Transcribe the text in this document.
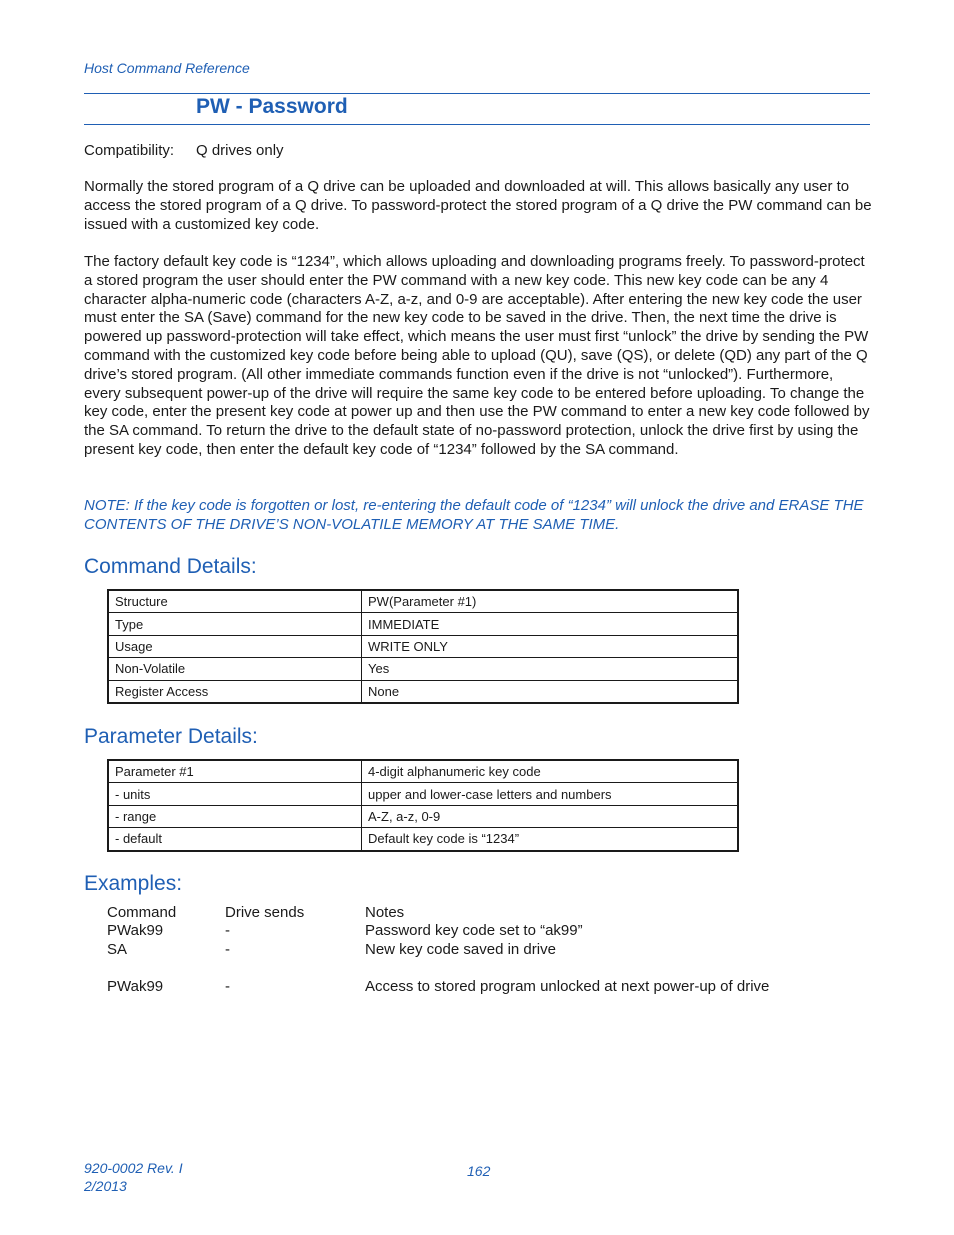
Host Command Reference
PW - Password
Compatibility: Q drives only
Normally the stored program of a Q drive can be uploaded and downloaded at will. This allows basically any user to access the stored program of a Q drive. To password-protect the stored program of a Q drive the PW command can be issued with a customized key code.
The factory default key code is “1234”, which allows uploading and downloading programs freely. To password-protect a stored program the user should enter the PW command with a new key code. This new key code can be any 4 character alpha-numeric code (characters A-Z, a-z, and 0-9 are acceptable). After entering the new key code the user must enter the SA (Save) command for the new key code to be saved in the drive. Then, the next time the drive is powered up password-protection will take effect, which means the user must first “unlock” the drive by sending the PW command with the customized key code before being able to upload (QU), save (QS), or delete (QD) any part of the Q drive’s stored program. (All other immediate commands function even if the drive is not “unlocked”). Furthermore, every subsequent power-up of the drive will require the same key code to be entered before uploading. To change the key code, enter the present key code at power up and then use the PW command to enter a new key code followed by the SA command. To return the drive to the default state of no-password protection, unlock the drive first by using the present key code, then enter the default key code of “1234” followed by the SA command.
NOTE: If the key code is forgotten or lost, re-entering the default code of “1234” will unlock the drive and ERASE THE CONTENTS OF THE DRIVE’S NON-VOLATILE MEMORY AT THE SAME TIME.
Command Details:
Structure	PW(Parameter #1)
Type	IMMEDIATE
Usage	WRITE ONLY
Non-Volatile	Yes
Register Access	None
Parameter Details:
Parameter #1	4-digit alphanumeric key code
- units	upper and lower-case letters and numbers
- range	A-Z, a-z, 0-9
- default	Default key code is “1234”
Examples:
Command	Drive sends	Notes
PWak99	-	Password key code set to “ak99”
SA	-	New key code saved in drive
PWak99	-	Access to stored program unlocked at next power-up of drive
920-0002 Rev. I
2/2013
162
